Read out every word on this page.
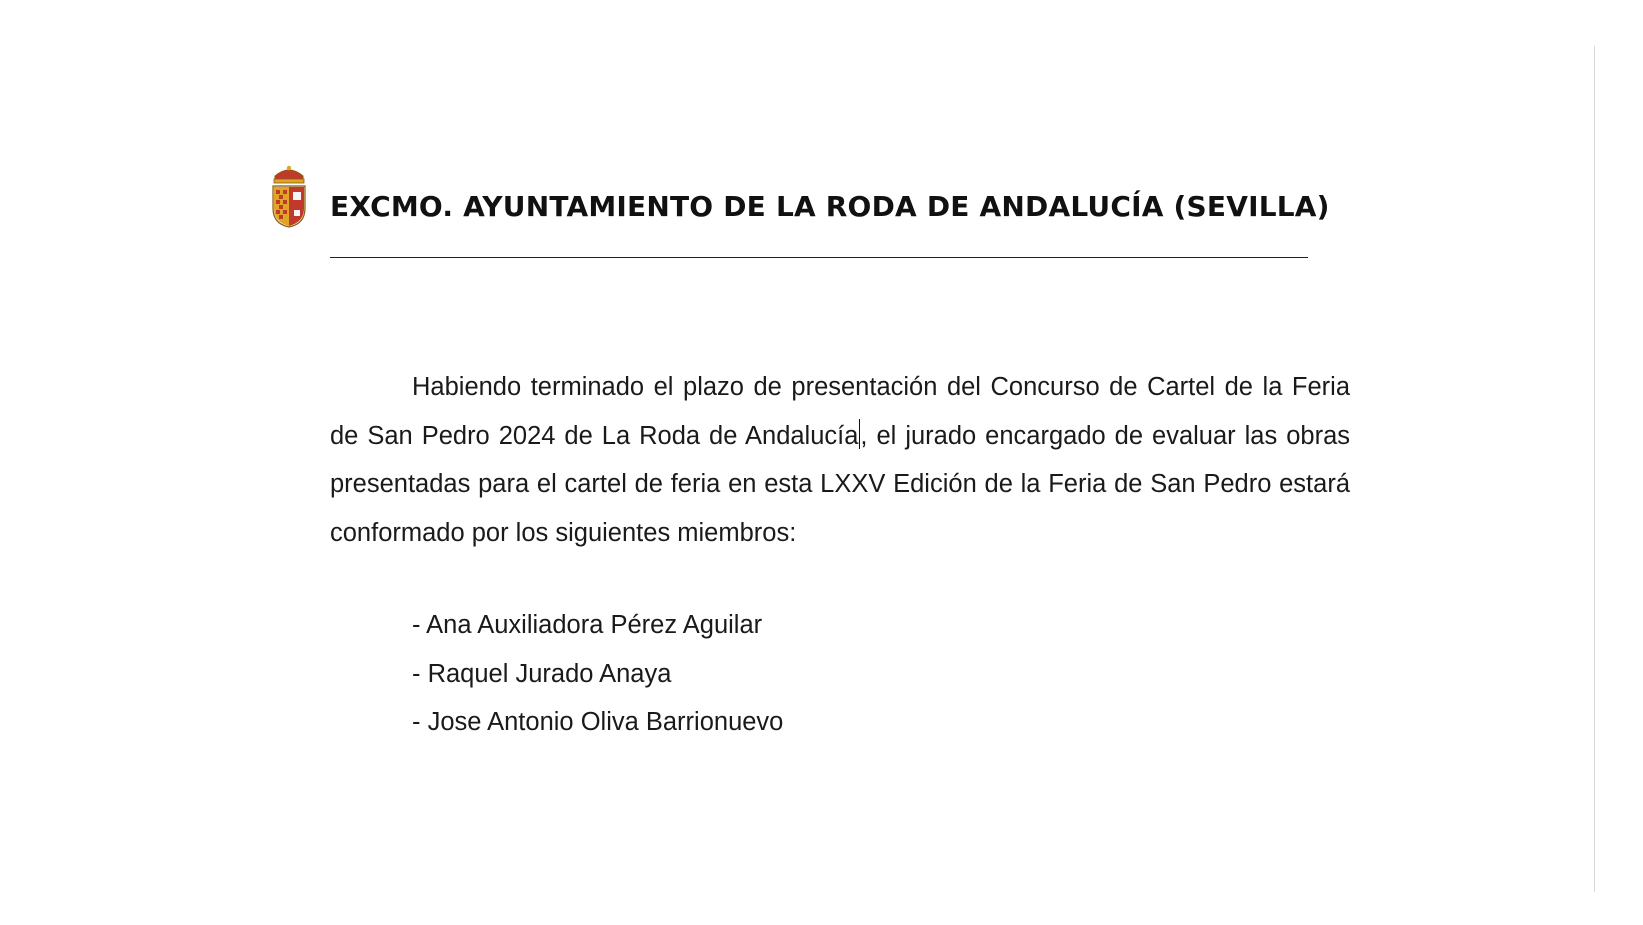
EXCMO. AYUNTAMIENTO DE LA RODA DE ANDALUCÍA (SEVILLA)

Habiendo terminado el plazo de presentación del Concurso de Cartel de la Feria de San Pedro 2024 de La Roda de Andalucía, el jurado encargado de evaluar las obras presentadas para el cartel de feria en esta LXXV Edición de la Feria de San Pedro estará conformado por los siguientes miembros:

- Ana Auxiliadora Pérez Aguilar
- Raquel Jurado Anaya
- Jose Antonio Oliva Barrionuevo
